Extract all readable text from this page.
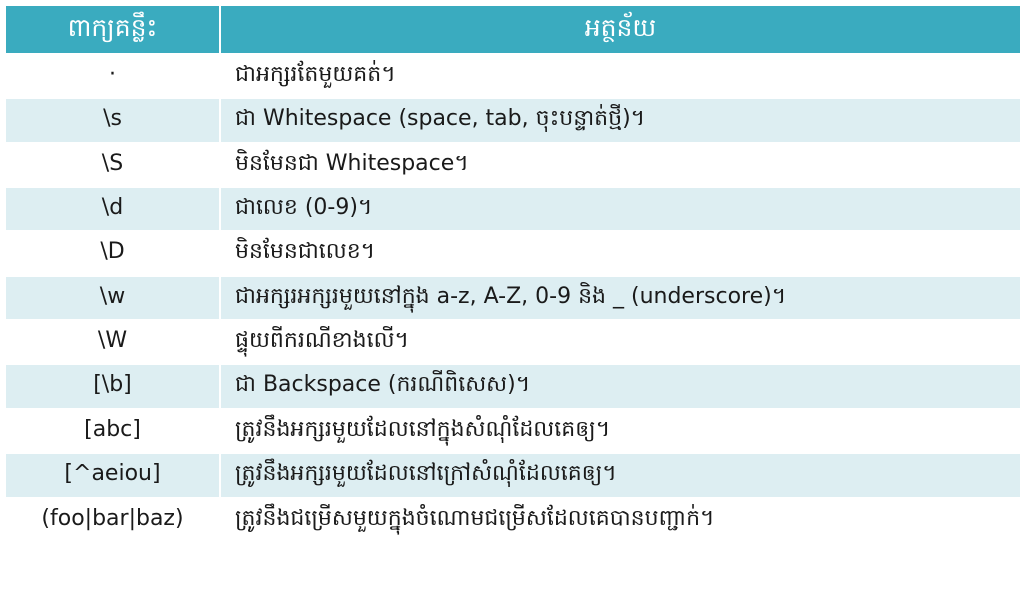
ពាក្យគន្លឹះ	អត្ថន័យ
·	ជាអក្សរតែមួយគត់។
\s	ជា Whitespace (space, tab, ចុះបន្ទាត់ថ្មី)។
\S	មិនមែនជា Whitespace។
\d	ជាលេខ (0-9)។
\D	មិនមែនជាលេខ។
\w	ជាអក្សរអក្សរមួយនៅក្នុង a-z, A-Z, 0-9 និង _ (underscore)។
\W	ផ្ទុយពីករណីខាងលើ។
[\b]	ជា Backspace (ករណីពិសេស)។
[abc]	ត្រូវនឹងអក្សរមួយដែលនៅក្នុងសំណុំដែលគេឲ្យ។
[^aeiou]	ត្រូវនឹងអក្សរមួយដែលនៅក្រៅសំណុំដែលគេឲ្យ។
(foo|bar|baz)	ត្រូវនឹងជម្រើសមួយក្នុងចំណោមជម្រើសដែលគេបានបញ្ជាក់។
